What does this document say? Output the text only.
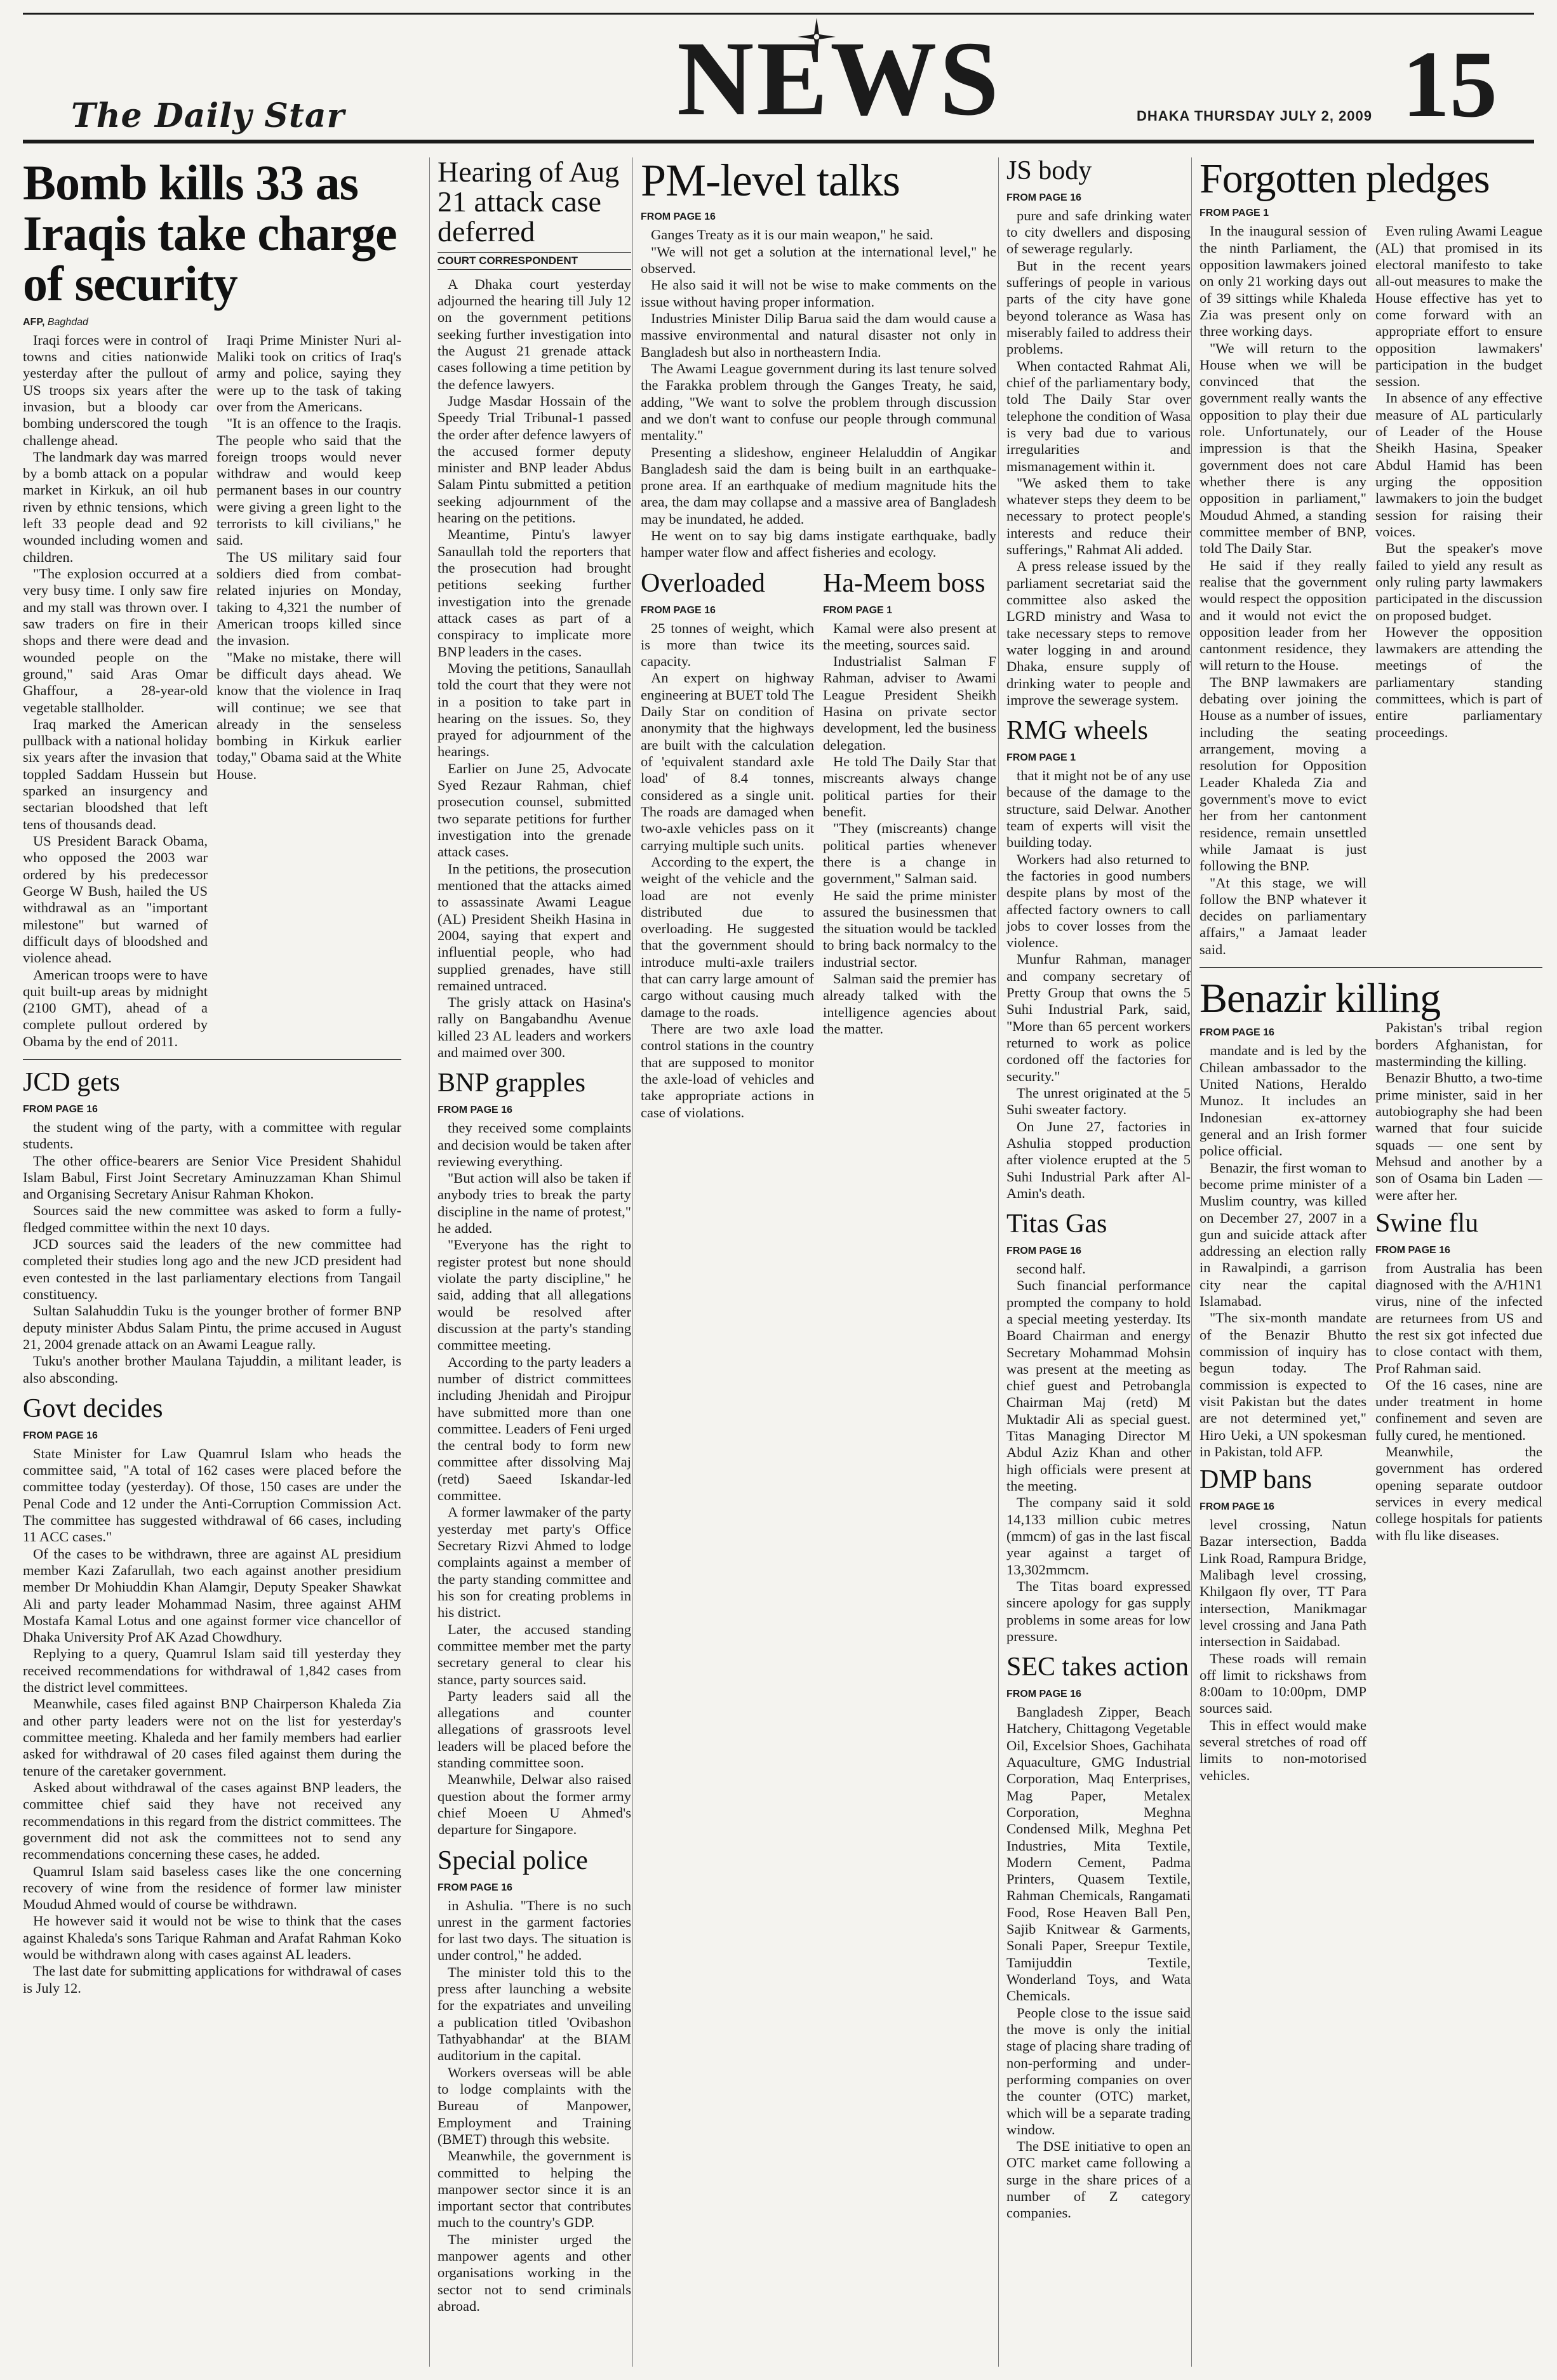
The Daily Star	NEWS	DHAKA THURSDAY JULY 2, 2009 15
Bomb kills 33 as Iraqis take charge of security
AFP, Baghdad

Iraqi forces were in control of towns and cities nationwide yesterday after the pullout of US troops six years after the invasion, but a bloody car bombing underscored the tough challenge ahead.

The landmark day was marred by a bomb attack on a popular market in Kirkuk, an oil hub riven by ethnic tensions, which left 33 people dead and 92 wounded including women and children.

"The explosion occurred at a very busy time. I only saw fire and my stall was thrown over. I saw traders on fire in their shops and there were dead and wounded people on the ground," said Aras Omar Ghaffour, a 28-year-old vegetable stallholder.

Iraq marked the American pullback with a national holiday six years after the invasion that toppled Saddam Hussein but sparked an insurgency and sectarian bloodshed that left tens of thousands dead.

US President Barack Obama, who opposed the 2003 war ordered by his predecessor George W Bush, hailed the US withdrawal as an "important milestone" but warned of difficult days of bloodshed and violence ahead.

American troops were to have quit built-up areas by midnight (2100 GMT), ahead of a complete pullout ordered by Obama by the end of 2011.

Iraqi Prime Minister Nuri al-Maliki took on critics of Iraq's army and police, saying they were up to the task of taking over from the Americans.

"It is an offence to the Iraqis. The people who said that the foreign troops would never withdraw and would keep permanent bases in our country were giving a green light to the terrorists to kill civilians," he said.

The US military said four soldiers died from combat-related injuries on Monday, taking to 4,321 the number of American troops killed since the invasion.

"Make no mistake, there will be difficult days ahead. We know that the violence in Iraq will continue; we see that already in the senseless bombing in Kirkuk earlier today," Obama said at the White House.

JCD gets
FROM PAGE 16

the student wing of the party, with a committee with regular students.

The other office-bearers are Senior Vice President Shahidul Islam Babul, First Joint Secretary Aminuzzaman Khan Shimul and Organising Secretary Anisur Rahman Khokon.

Sources said the new committee was asked to form a fully-fledged committee within the next 10 days.

JCD sources said the leaders of the new committee had completed their studies long ago and the new JCD president had even contested in the last parliamentary elections from Tangail constituency.

Sultan Salahuddin Tuku is the younger brother of former BNP deputy minister Abdus Salam Pintu, the prime accused in August 21, 2004 grenade attack on an Awami League rally.

Tuku's another brother Maulana Tajuddin, a militant leader, is also absconding.

Govt decides
FROM PAGE 16

State Minister for Law Quamrul Islam who heads the committee said, "A total of 162 cases were placed before the committee today (yesterday). Of those, 150 cases are under the Penal Code and 12 under the Anti-Corruption Commission Act. The committee has suggested withdrawal of 66 cases, including 11 ACC cases."

Of the cases to be withdrawn, three are against AL presidium member Kazi Zafarullah, two each against another presidium member Dr Mohiuddin Khan Alamgir, Deputy Speaker Shawkat Ali and party leader Mohammad Nasim, three against AHM Mostafa Kamal Lotus and one against former vice chancellor of Dhaka University Prof AK Azad Chowdhury.

Replying to a query, Quamrul Islam said till yesterday they received recommendations for withdrawal of 1,842 cases from the district level committees.

Meanwhile, cases filed against BNP Chairperson Khaleda Zia and other party leaders were not on the list for yesterday's committee meeting. Khaleda and her family members had earlier asked for withdrawal of 20 cases filed against them during the tenure of the caretaker government.

Asked about withdrawal of the cases against BNP leaders, the committee chief said they have not received any recommendations in this regard from the district committees. The government did not ask the committees not to send any recommendations concerning these cases, he added.

Quamrul Islam said baseless cases like the one concerning recovery of wine from the residence of former law minister Moudud Ahmed would of course be withdrawn.

He however said it would not be wise to think that the cases against Khaleda's sons Tarique Rahman and Arafat Rahman Koko would be withdrawn along with cases against AL leaders.

The last date for submitting applications for withdrawal of cases is July 12.

Hearing of Aug 21 attack case deferred
COURT CORRESPONDENT

A Dhaka court yesterday adjourned the hearing till July 12 on the government petitions seeking further investigation into the August 21 grenade attack cases following a time petition by the defence lawyers.

Judge Masdar Hossain of the Speedy Trial Tribunal-1 passed the order after defence lawyers of the accused former deputy minister and BNP leader Abdus Salam Pintu submitted a petition seeking adjournment of the hearing on the petitions.

Meantime, Pintu's lawyer Sanaullah told the reporters that the prosecution had brought petitions seeking further investigation into the grenade attack cases as part of a conspiracy to implicate more BNP leaders in the cases.

Moving the petitions, Sanaullah told the court that they were not in a position to take part in hearing on the issues. So, they prayed for adjournment of the hearings.

Earlier on June 25, Advocate Syed Rezaur Rahman, chief prosecution counsel, submitted two separate petitions for further investigation into the grenade attack cases.

In the petitions, the prosecution mentioned that the attacks aimed to assassinate Awami League (AL) President Sheikh Hasina in 2004, saying that expert and influential people, who had supplied grenades, have still remained untraced.

The grisly attack on Hasina's rally on Bangabandhu Avenue killed 23 AL leaders and workers and maimed over 300.

BNP grapples
FROM PAGE 16

they received some complaints and decision would be taken after reviewing everything.

"But action will also be taken if anybody tries to break the party discipline in the name of protest," he added.

"Everyone has the right to register protest but none should violate the party discipline," he said, adding that all allegations would be resolved after discussion at the party's standing committee meeting.

According to the party leaders a number of district committees including Jhenidah and Pirojpur have submitted more than one committee. Leaders of Feni urged the central body to form new committee after dissolving Maj (retd) Saeed Iskandar-led committee.

A former lawmaker of the party yesterday met party's Office Secretary Rizvi Ahmed to lodge complaints against a member of the party standing committee and his son for creating problems in his district.

Later, the accused standing committee member met the party secretary general to clear his stance, party sources said.

Party leaders said all the allegations and counter allegations of grassroots level leaders will be placed before the standing committee soon.

Meanwhile, Delwar also raised question about the former army chief Moeen U Ahmed's departure for Singapore.

Special police
FROM PAGE 16

in Ashulia. "There is no such unrest in the garment factories for last two days. The situation is under control," he added.

The minister told this to the press after launching a website for the expatriates and unveiling a publication titled 'Ovibashon Tathyabhandar' at the BIAM auditorium in the capital.

Workers overseas will be able to lodge complaints with the Bureau of Manpower, Employment and Training (BMET) through this website.

Meanwhile, the government is committed to helping the manpower sector since it is an important sector that contributes much to the country's GDP.

The minister urged the manpower agents and other organisations working in the sector not to send criminals abroad.

PM-level talks
FROM PAGE 16

Ganges Treaty as it is our main weapon," he said.

"We will not get a solution at the international level," he observed.

He also said it will not be wise to make comments on the issue without having proper information.

Industries Minister Dilip Barua said the dam would cause a massive environmental and natural disaster not only in Bangladesh but also in northeastern India.

The Awami League government during its last tenure solved the Farakka problem through the Ganges Treaty, he said, adding, "We want to solve the problem through discussion and we don't want to confuse our people through communal mentality."

Presenting a slideshow, engineer Helaluddin of Angikar Bangladesh said the dam is being built in an earthquake-prone area. If an earthquake of medium magnitude hits the area, the dam may collapse and a massive area of Bangladesh may be inundated, he added.

He went on to say big dams instigate earthquake, badly hamper water flow and affect fisheries and ecology.

Overloaded
FROM PAGE 16

25 tonnes of weight, which is more than twice its capacity.

An expert on highway engineering at BUET told The Daily Star on condition of anonymity that the highways are built with the calculation of 'equivalent standard axle load' of 8.4 tonnes, considered as a single unit. The roads are damaged when two-axle vehicles pass on it carrying multiple such units.

According to the expert, the weight of the vehicle and the load are not evenly distributed due to overloading. He suggested that the government should introduce multi-axle trailers that can carry large amount of cargo without causing much damage to the roads.

There are two axle load control stations in the country that are supposed to monitor the axle-load of vehicles and take appropriate actions in case of violations.

Ha-Meem boss
FROM PAGE 1

Kamal were also present at the meeting, sources said.

Industrialist Salman F Rahman, adviser to Awami League President Sheikh Hasina on private sector development, led the business delegation.

He told The Daily Star that miscreants always change political parties for their benefit.

"They (miscreants) change political parties whenever there is a change in government," Salman said.

He said the prime minister assured the businessmen that the situation would be tackled to bring back normalcy to the industrial sector.

Salman said the premier has already talked with the intelligence agencies about the matter.

JS body
FROM PAGE 16

pure and safe drinking water to city dwellers and disposing of sewerage regularly.

But in the recent years sufferings of people in various parts of the city have gone beyond tolerance as Wasa has miserably failed to address their problems.

When contacted Rahmat Ali, chief of the parliamentary body, told The Daily Star over telephone the condition of Wasa is very bad due to various irregularities and mismanagement within it.

"We asked them to take whatever steps they deem to be necessary to protect people's interests and reduce their sufferings," Rahmat Ali added.

A press release issued by the parliament secretariat said the committee also asked the LGRD ministry and Wasa to take necessary steps to remove water logging in and around Dhaka, ensure supply of drinking water to people and improve the sewerage system.

RMG wheels
FROM PAGE 1

that it might not be of any use because of the damage to the structure, said Delwar. Another team of experts will visit the building today.

Workers had also returned to the factories in good numbers despite plans by most of the affected factory owners to call jobs to cover losses from the violence.

Munfur Rahman, manager and company secretary of Pretty Group that owns the 5 Suhi Industrial Park, said, "More than 65 percent workers returned to work as police cordoned off the factories for security."

The unrest originated at the 5 Suhi sweater factory.

On June 27, factories in Ashulia stopped production after violence erupted at the 5 Suhi Industrial Park after Al-Amin's death.

Titas Gas
FROM PAGE 16

second half.

Such financial performance prompted the company to hold a special meeting yesterday. Its Board Chairman and energy Secretary Mohammad Mohsin was present at the meeting as chief guest and Petrobangla Chairman Maj (retd) M Muktadir Ali as special guest. Titas Managing Director M Abdul Aziz Khan and other high officials were present at the meeting.

The company said it sold 14,133 million cubic metres (mmcm) of gas in the last fiscal year against a target of 13,302mmcm.

The Titas board expressed sincere apology for gas supply problems in some areas for low pressure.

SEC takes action
FROM PAGE 16

Bangladesh Zipper, Beach Hatchery, Chittagong Vegetable Oil, Excelsior Shoes, Gachihata Aquaculture, GMG Industrial Corporation, Maq Enterprises, Mag Paper, Metalex Corporation, Meghna Condensed Milk, Meghna Pet Industries, Mita Textile, Modern Cement, Padma Printers, Quasem Textile, Rahman Chemicals, Rangamati Food, Rose Heaven Ball Pen, Sajib Knitwear & Garments, Sonali Paper, Sreepur Textile, Tamijuddin Textile, Wonderland Toys, and Wata Chemicals.

People close to the issue said the move is only the initial stage of placing share trading of non-performing and under-performing companies on over the counter (OTC) market, which will be a separate trading window.

The DSE initiative to open an OTC market came following a surge in the share prices of a number of Z category companies.

Forgotten pledges
FROM PAGE 1

In the inaugural session of the ninth Parliament, the opposition lawmakers joined on only 21 working days out of 39 sittings while Khaleda Zia was present only on three working days.

"We will return to the House when we will be convinced that the government really wants the opposition to play their due role. Unfortunately, our impression is that the government does not care whether there is any opposition in parliament," Moudud Ahmed, a standing committee member of BNP, told The Daily Star.

He said if they really realise that the government would respect the opposition and it would not evict the opposition leader from her cantonment residence, they will return to the House.

The BNP lawmakers are debating over joining the House as a number of issues, including the seating arrangement, moving a resolution for Opposition Leader Khaleda Zia and government's move to evict her from her cantonment residence, remain unsettled while Jamaat is just following the BNP.

"At this stage, we will follow the BNP whatever it decides on parliamentary affairs," a Jamaat leader said.

Even ruling Awami League (AL) that promised in its electoral manifesto to take all-out measures to make the House effective has yet to come forward with an appropriate effort to ensure opposition lawmakers' participation in the budget session.

In absence of any effective measure of AL particularly of Leader of the House Sheikh Hasina, Speaker Abdul Hamid has been urging the opposition lawmakers to join the budget session for raising their voices.

But the speaker's move failed to yield any result as only ruling party lawmakers participated in the discussion on proposed budget.

However the opposition lawmakers are attending the meetings of the parliamentary standing committees, which is part of entire parliamentary proceedings.

Benazir killing
FROM PAGE 16

mandate and is led by the Chilean ambassador to the United Nations, Heraldo Munoz. It includes an Indonesian ex-attorney general and an Irish former police official.

Benazir, the first woman to become prime minister of a Muslim country, was killed on December 27, 2007 in a gun and suicide attack after addressing an election rally in Rawalpindi, a garrison city near the capital Islamabad.

"The six-month mandate of the Benazir Bhutto commission of inquiry has begun today. The commission is expected to visit Pakistan but the dates are not determined yet," Hiro Ueki, a UN spokesman in Pakistan, told AFP.

DMP bans
FROM PAGE 16

level crossing, Natun Bazar intersection, Badda Link Road, Rampura Bridge, Malibagh level crossing, Khilgaon fly over, TT Para intersection, Manikmagar level crossing and Jana Path intersection in Saidabad.

These roads will remain off limit to rickshaws from 8:00am to 10:00pm, DMP sources said.

This in effect would make several stretches of road off limits to non-motorised vehicles.

Pakistan's tribal region borders Afghanistan, for masterminding the killing.

Benazir Bhutto, a two-time prime minister, said in her autobiography she had been warned that four suicide squads — one sent by Mehsud and another by a son of Osama bin Laden — were after her.

Swine flu
FROM PAGE 16

from Australia has been diagnosed with the A/H1N1 virus, nine of the infected are returnees from US and the rest six got infected due to close contact with them, Prof Rahman said.

Of the 16 cases, nine are under treatment in home confinement and seven are fully cured, he mentioned.

Meanwhile, the government has ordered opening separate outdoor services in every medical college hospitals for patients with flu like diseases.
